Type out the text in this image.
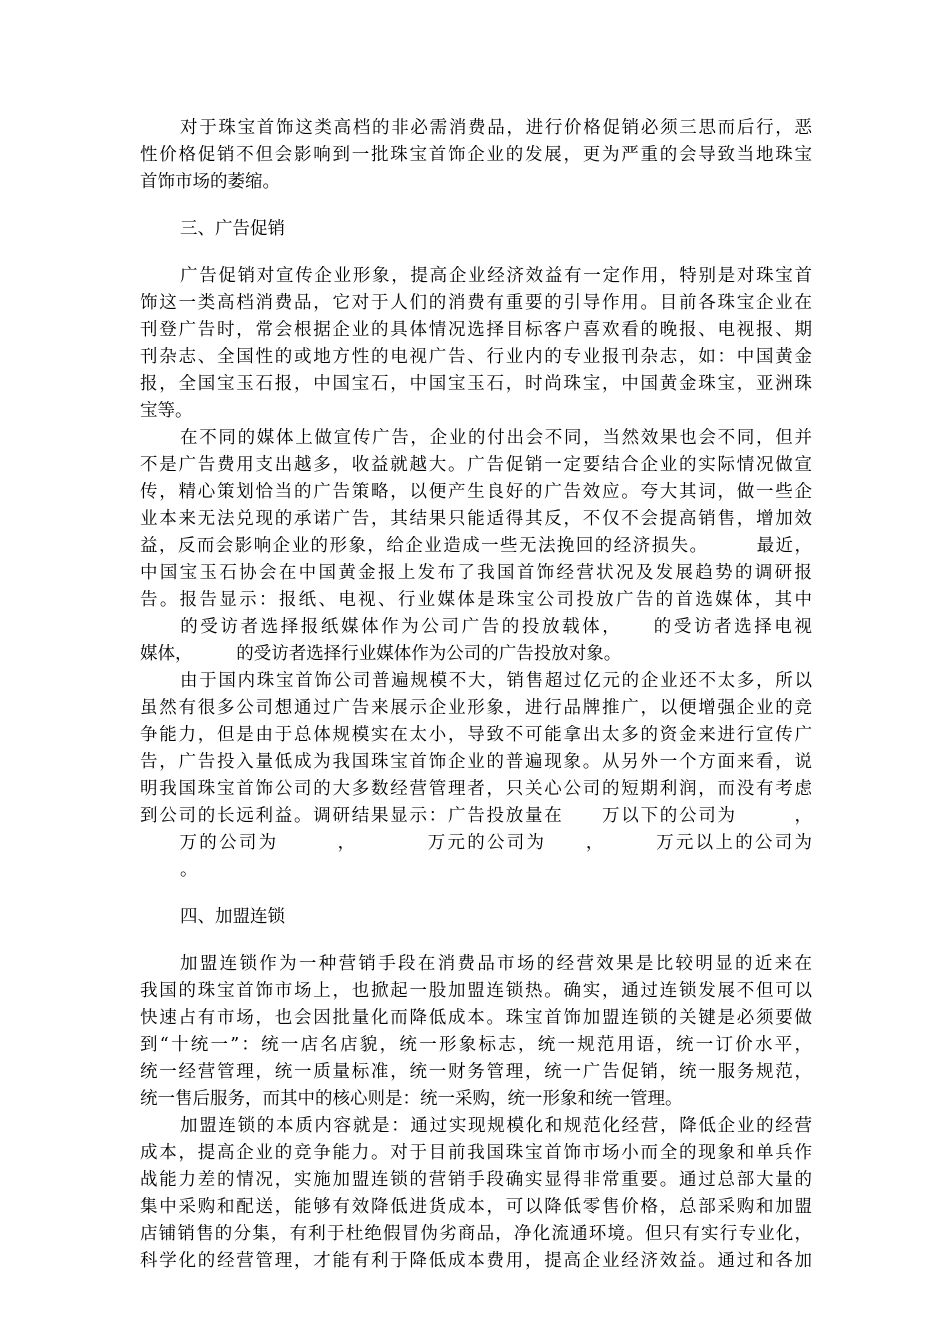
对于珠宝首饰这类高档的非必需消费品，进行价格促销必须三思而后行，恶
性价格促销不但会影响到一批珠宝首饰企业的发展，更为严重的会导致当地珠宝
首饰市场的萎缩。
三、广告促销
广告促销对宣传企业形象，提高企业经济效益有一定作用，特别是对珠宝首
饰这一类高档消费品，它对于人们的消费有重要的引导作用。目前各珠宝企业在
刊登广告时，常会根据企业的具体情况选择目标客户喜欢看的晚报、电视报、期
刊杂志、全国性的或地方性的电视广告、行业内的专业报刊杂志，如：中国黄金
报，全国宝玉石报，中国宝石，中国宝玉石，时尚珠宝，中国黄金珠宝，亚洲珠
宝等。
在不同的媒体上做宣传广告，企业的付出会不同，当然效果也会不同，但并
不是广告费用支出越多，收益就越大。广告促销一定要结合企业的实际情况做宣
传，精心策划恰当的广告策略，以便产生良好的广告效应。夸大其词，做一些企
业本来无法兑现的承诺广告，其结果只能适得其反，不仅不会提高销售，增加效
益，反而会影响企业的形象，给企业造成一些无法挽回的经济损失。　　　最近，
中国宝玉石协会在中国黄金报上发布了我国首饰经营状况及发展趋势的调研报
告。报告显示：报纸、电视、行业媒体是珠宝公司投放广告的首选媒体，其中
　　的受访者选择报纸媒体作为公司广告的投放载体，　　的受访者选择电视
媒体，　　　的受访者选择行业媒体作为公司的广告投放对象。
由于国内珠宝首饰公司普遍规模不大，销售超过亿元的企业还不太多，所以
虽然有很多公司想通过广告来展示企业形象，进行品牌推广，以便增强企业的竞
争能力，但是由于总体规模实在太小，导致不可能拿出太多的资金来进行宣传广
告，广告投入量低成为我国珠宝首饰企业的普遍现象。从另外一个方面来看，说
明我国珠宝首饰公司的大多数经营管理者，只关心公司的短期利润，而没有考虑
到公司的长远利益。调研结果显示：广告投放量在　　万以下的公司为　　　，
　　万的公司为　　　，　　　　万元的公司为　　，　　　万元以上的公司为
。
四、加盟连锁
加盟连锁作为一种营销手段在消费品市场的经营效果是比较明显的近来在
我国的珠宝首饰市场上，也掀起一股加盟连锁热。确实，通过连锁发展不但可以
快速占有市场，也会因批量化而降低成本。珠宝首饰加盟连锁的关键是必须要做
到“十统一”：统一店名店貌，统一形象标志，统一规范用语，统一订价水平，
统一经营管理，统一质量标准，统一财务管理，统一广告促销，统一服务规范，
统一售后服务，而其中的核心则是：统一采购，统一形象和统一管理。
加盟连锁的本质内容就是：通过实现规模化和规范化经营，降低企业的经营
成本，提高企业的竞争能力。对于目前我国珠宝首饰市场小而全的现象和单兵作
战能力差的情况，实施加盟连锁的营销手段确实显得非常重要。通过总部大量的
集中采购和配送，能够有效降低进货成本，可以降低零售价格，总部采购和加盟
店铺销售的分集，有利于杜绝假冒伪劣商品，净化流通环境。但只有实行专业化，
科学化的经营管理，才能有利于降低成本费用，提高企业经济效益。通过和各加
